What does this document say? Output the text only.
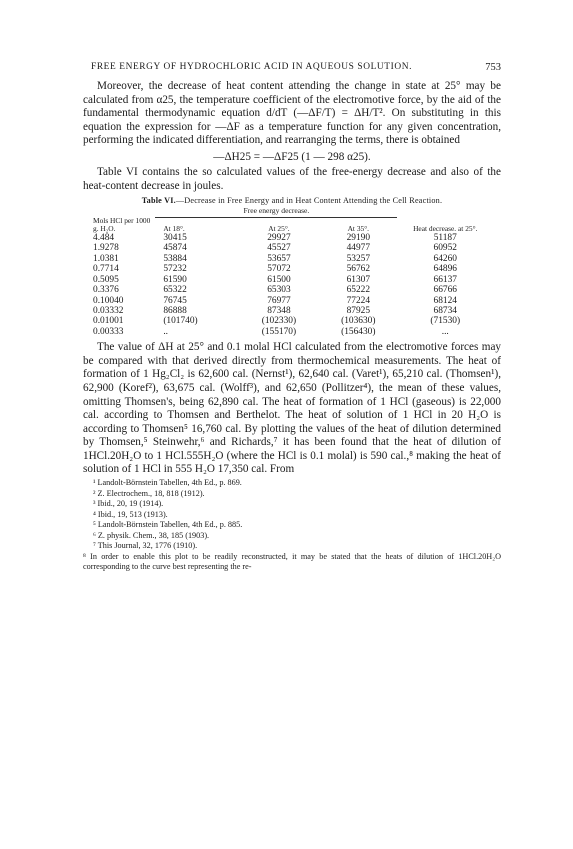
FREE ENERGY OF HYDROCHLORIC ACID IN AQUEOUS SOLUTION.	753

Moreover, the decrease of heat content attending the change in state at 25° may be calculated from α25, the temperature coefficient of the electromotive force, by the aid of the fundamental thermodynamic equation d/dT (—ΔF/T) = ΔH/T². On substituting in this equation the expression for —ΔF as a temperature function for any given concentration, performing the indicated differentiation, and rearranging the terms, there is obtained

—ΔH25 = —ΔF25 (1 — 298 α25).

Table VI contains the so calculated values of the free-energy decrease and also of the heat-content decrease in joules.

Table VI.—Decrease in Free Energy and in Heat Content Attending the Cell Reaction.
	Free energy decrease.			
Mols HCl per 1000 g. H₂O.	At 18°.	At 25°.	At 35°.	Heat decrease. at 25°.
4.484	30415	29927	29190	51187
1.9278	45874	45527	44977	60952
1.0381	53884	53657	53257	64260
0.7714	57232	57072	56762	64896
0.5095	61590	61500	61307	66137
0.3376	65322	65303	65222	66766
0.10040	76745	76977	77224	68124
0.03332	86888	87348	87925	68734
0.01001	(101740)	(102330)	(103630)	(71530)
0.00333	..	(155170)	(156430)	...

The value of ΔH at 25° and 0.1 molal HCl calculated from the electromotive forces may be compared with that derived directly from thermochemical measurements. The heat of formation of 1 Hg₂Cl₂ is 62,600 cal. (Nernst¹), 62,640 cal. (Varet¹), 65,210 cal. (Thomsen¹), 62,900 (Koref²), 63,675 cal. (Wolff³), and 62,650 (Pollitzer⁴), the mean of these values, omitting Thomsen's, being 62,890 cal. The heat of formation of 1 HCl (gaseous) is 22,000 cal. according to Thomsen and Berthelot. The heat of solution of 1 HCl in 20 H₂O is according to Thomsen⁵ 16,760 cal. By plotting the values of the heat of dilution determined by Thomsen,⁵ Steinwehr,⁶ and Richards,⁷ it has been found that the heat of dilution of 1HCl.20H₂O to 1 HCl.555H₂O (where the HCl is 0.1 molal) is 590 cal.,⁸ making the heat of solution of 1 HCl in 555 H₂O 17,350 cal. From

¹ Landolt-Börnstein Tabellen, 4th Ed., p. 869.

² Z. Electrochem., 18, 818 (1912).

³ Ibid., 20, 19 (1914).

⁴ Ibid., 19, 513 (1913).

⁵ Landolt-Börnstein Tabellen, 4th Ed., p. 885.

⁶ Z. physik. Chem., 38, 185 (1903).

⁷ This Journal, 32, 1776 (1910).

⁸ In order to enable this plot to be readily reconstructed, it may be stated that the heats of dilution of 1HCl.20H₂O corresponding to the curve best representing the re-
